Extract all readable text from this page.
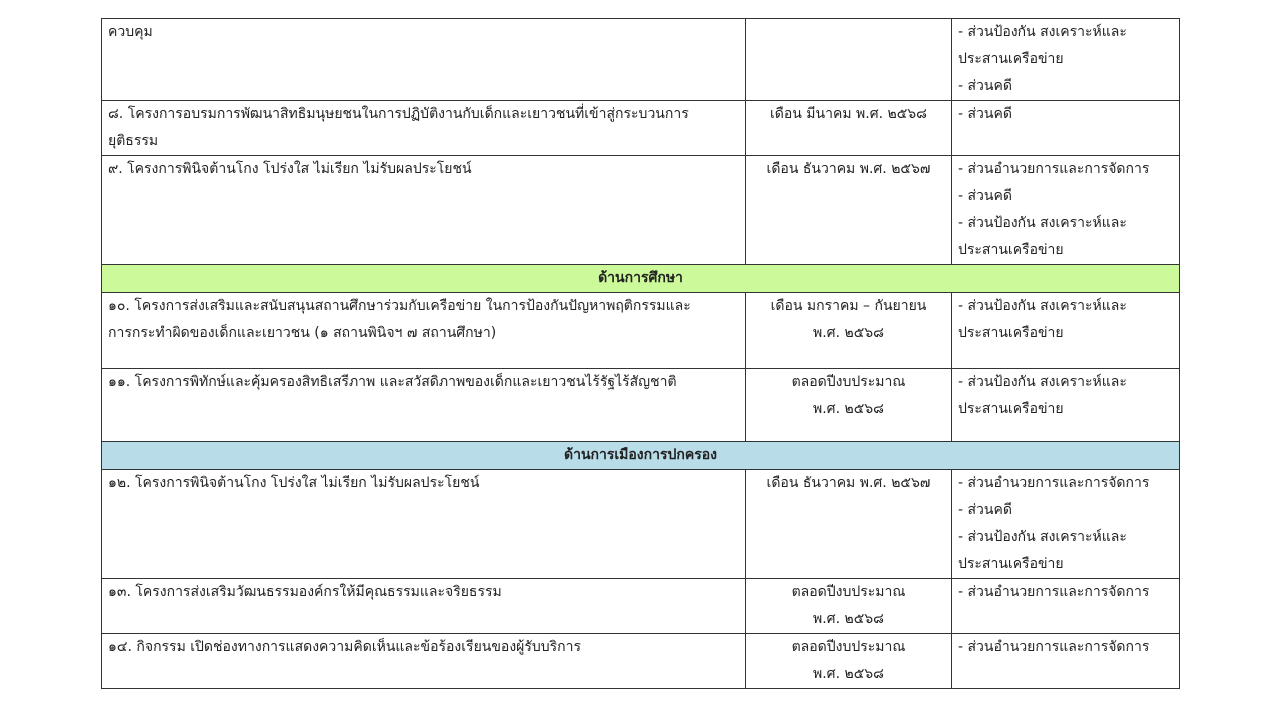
ควบคุม		- ส่วนป้องกัน สงเคราะห์และ
ประสานเครือข่าย
- ส่วนคดี

๘. โครงการอบรมการพัฒนาสิทธิมนุษยชนในการปฏิบัติงานกับเด็กและเยาวชนที่เข้าสู่กระบวนการ
ยุติธรรม	เดือน มีนาคม พ.ศ. ๒๕๖๘	- ส่วนคดี

๙. โครงการพินิจต้านโกง โปร่งใส ไม่เรียก ไม่รับผลประโยชน์	เดือน ธันวาคม พ.ศ. ๒๕๖๗	- ส่วนอำนวยการและการจัดการ
- ส่วนคดี
- ส่วนป้องกัน สงเคราะห์และ
ประสานเครือข่าย

ด้านการศึกษา		

๑๐. โครงการส่งเสริมและสนับสนุนสถานศึกษาร่วมกับเครือข่าย ในการป้องกันปัญหาพฤติกรรมและ
การกระทำผิดของเด็กและเยาวชน (๑ สถานพินิจฯ ๗ สถานศึกษา)	เดือน มกราคม – กันยายน
พ.ศ. ๒๕๖๘	- ส่วนป้องกัน สงเคราะห์และ
ประสานเครือข่าย

๑๑. โครงการพิทักษ์และคุ้มครองสิทธิเสรีภาพ และสวัสดิภาพของเด็กและเยาวชนไร้รัฐไร้สัญชาติ	ตลอดปีงบประมาณ
พ.ศ. ๒๕๖๘	- ส่วนป้องกัน สงเคราะห์และ
ประสานเครือข่าย

ด้านการเมืองการปกครอง		

๑๒. โครงการพินิจต้านโกง โปร่งใส ไม่เรียก ไม่รับผลประโยชน์	เดือน ธันวาคม พ.ศ. ๒๕๖๗	- ส่วนอำนวยการและการจัดการ
- ส่วนคดี
- ส่วนป้องกัน สงเคราะห์และ
ประสานเครือข่าย

๑๓. โครงการส่งเสริมวัฒนธรรมองค์กรให้มีคุณธรรมและจริยธรรม	ตลอดปีงบประมาณ
พ.ศ. ๒๕๖๘	- ส่วนอำนวยการและการจัดการ

๑๔. กิจกรรม เปิดช่องทางการแสดงความคิดเห็นและข้อร้องเรียนของผู้รับบริการ	ตลอดปีงบประมาณ
พ.ศ. ๒๕๖๘	- ส่วนอำนวยการและการจัดการ
